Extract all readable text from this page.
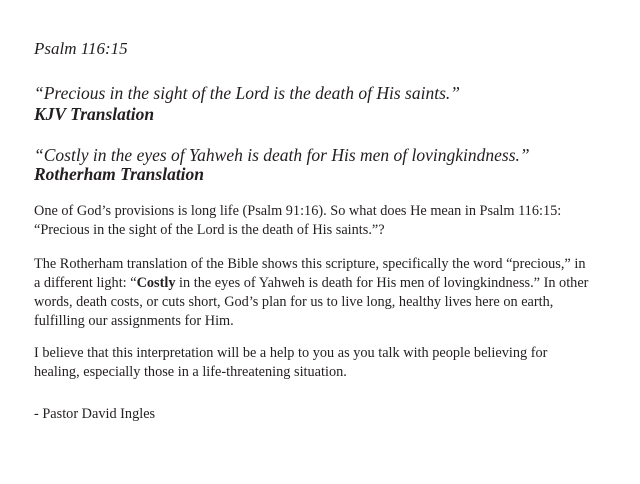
Psalm 116:15
“Precious in the sight of the Lord is the death of His saints.”
KJV Translation
“Costly in the eyes of Yahweh is death for His men of lovingkindness.”
Rotherham Translation

One of God’s provisions is long life (Psalm 91:16). So what does He mean in Psalm 116:15:
“Precious in the sight of the Lord is the death of His saints.”?

The Rotherham translation of the Bible shows this scripture, specifically the word “precious,” in
a different light: “Costly in the eyes of Yahweh is death for His men of lovingkindness.” In other
words, death costs, or cuts short, God’s plan for us to live long, healthy lives here on earth,
fulfilling our assignments for Him.

I believe that this interpretation will be a help to you as you talk with people believing for
healing, especially those in a life-threatening situation.

- Pastor David Ingles
